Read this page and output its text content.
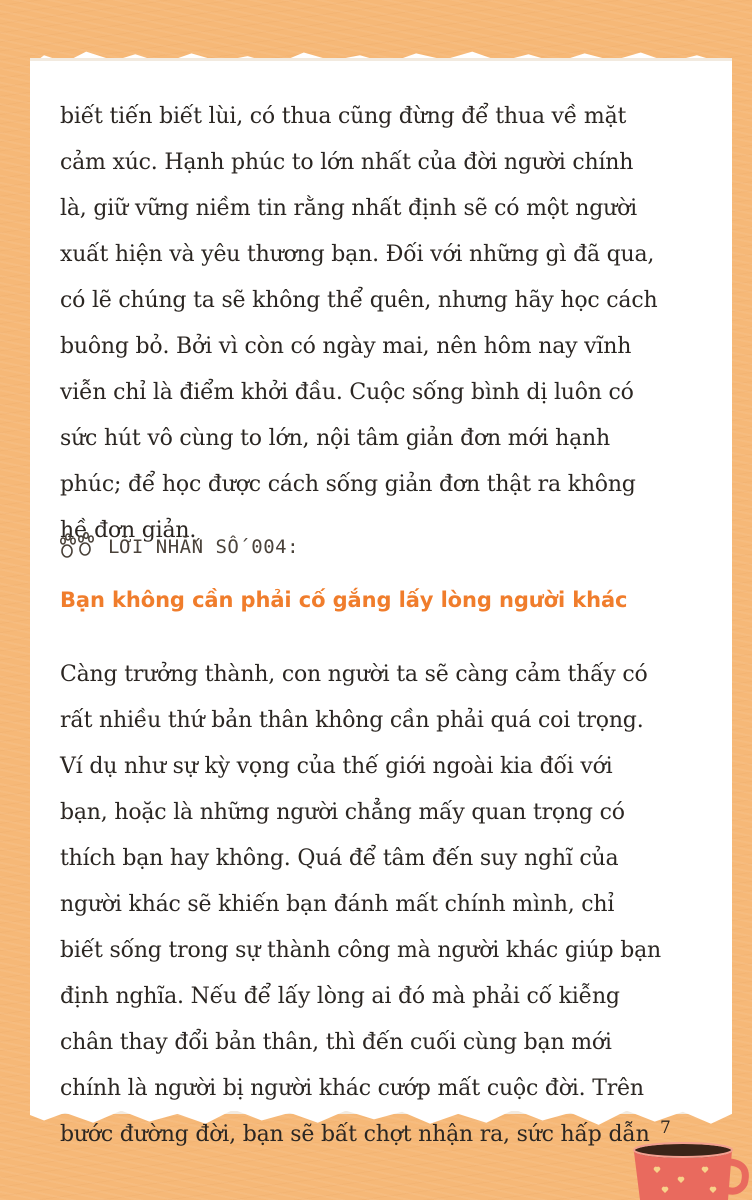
biết tiến biết lùi, có thua cũng đừng để thua về mặt
cảm xúc. Hạnh phúc to lớn nhất của đời người chính
là, giữ vững niềm tin rằng nhất định sẽ có một người
xuất hiện và yêu thương bạn. Đối với những gì đã qua,
có lẽ chúng ta sẽ không thể quên, nhưng hãy học cách
buông bỏ. Bởi vì còn có ngày mai, nên hôm nay vĩnh
viễn chỉ là điểm khởi đầu. Cuộc sống bình dị luôn có
sức hút vô cùng to lớn, nội tâm giản đơn mới hạnh
phúc; để học được cách sống giản đơn thật ra không
hề đơn giản.

LỜI NHẮN SỐ 004:
Bạn không cần phải cố gắng lấy lòng người khác

Càng trưởng thành, con người ta sẽ càng cảm thấy có
rất nhiều thứ bản thân không cần phải quá coi trọng.
Ví dụ như sự kỳ vọng của thế giới ngoài kia đối với
bạn, hoặc là những người chẳng mấy quan trọng có
thích bạn hay không. Quá để tâm đến suy nghĩ của
người khác sẽ khiến bạn đánh mất chính mình, chỉ
biết sống trong sự thành công mà người khác giúp bạn
định nghĩa. Nếu để lấy lòng ai đó mà phải cố kiễng
chân thay đổi bản thân, thì đến cuối cùng bạn mới
chính là người bị người khác cướp mất cuộc đời. Trên
bước đường đời, bạn sẽ bất chợt nhận ra, sức hấp dẫn 7
